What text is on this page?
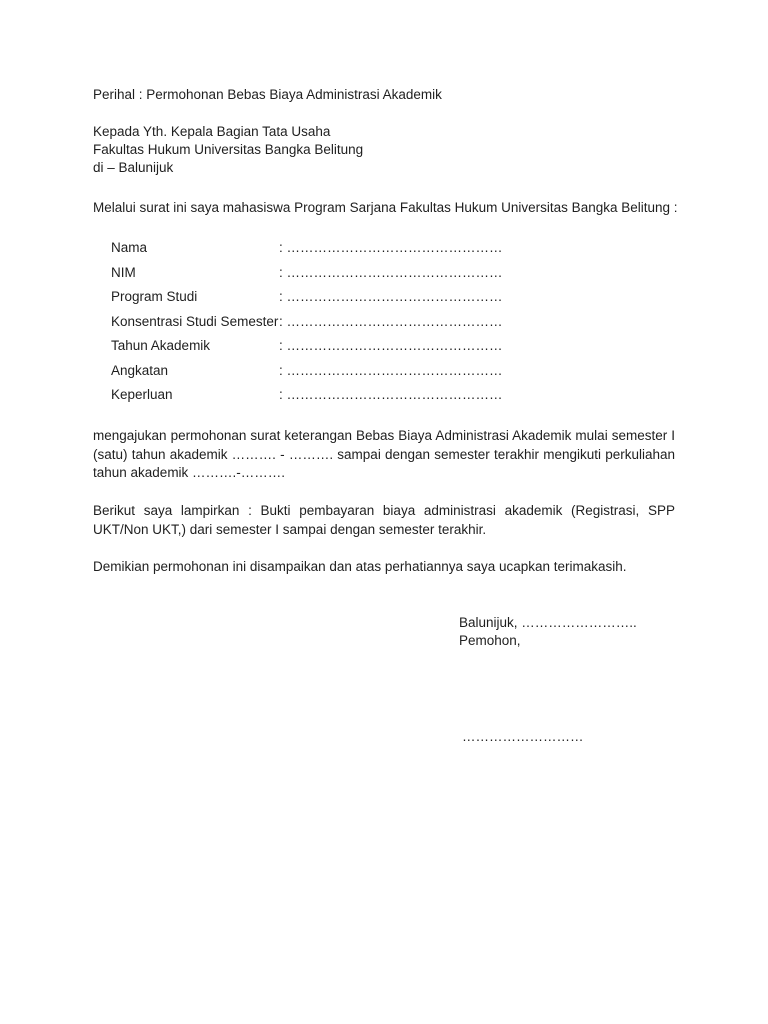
Perihal : Permohonan Bebas Biaya Administrasi Akademik
Kepada Yth. Kepala Bagian Tata Usaha
Fakultas Hukum Universitas Bangka Belitung
di – Balunijuk
Melalui surat ini saya mahasiswa Program Sarjana Fakultas Hukum Universitas Bangka Belitung :
Nama	: …………………………………………
NIM	: …………………………………………
Program Studi	: …………………………………………
Konsentrasi Studi Semester : …………………………………………
Tahun Akademik	: …………………………………………
Angkatan	: …………………………………………
Keperluan	: …………………………………………
mengajukan permohonan surat keterangan Bebas Biaya Administrasi Akademik mulai semester I (satu) tahun akademik ………. - ………. sampai dengan semester terakhir mengikuti perkuliahan tahun akademik ……….-……….
Berikut saya lampirkan : Bukti pembayaran biaya administrasi akademik (Registrasi, SPP UKT/Non UKT,) dari semester I sampai dengan semester terakhir.
Demikian permohonan ini disampaikan dan atas perhatiannya saya ucapkan terimakasih.
Balunijuk, ……………………..
Pemohon,
………………………
